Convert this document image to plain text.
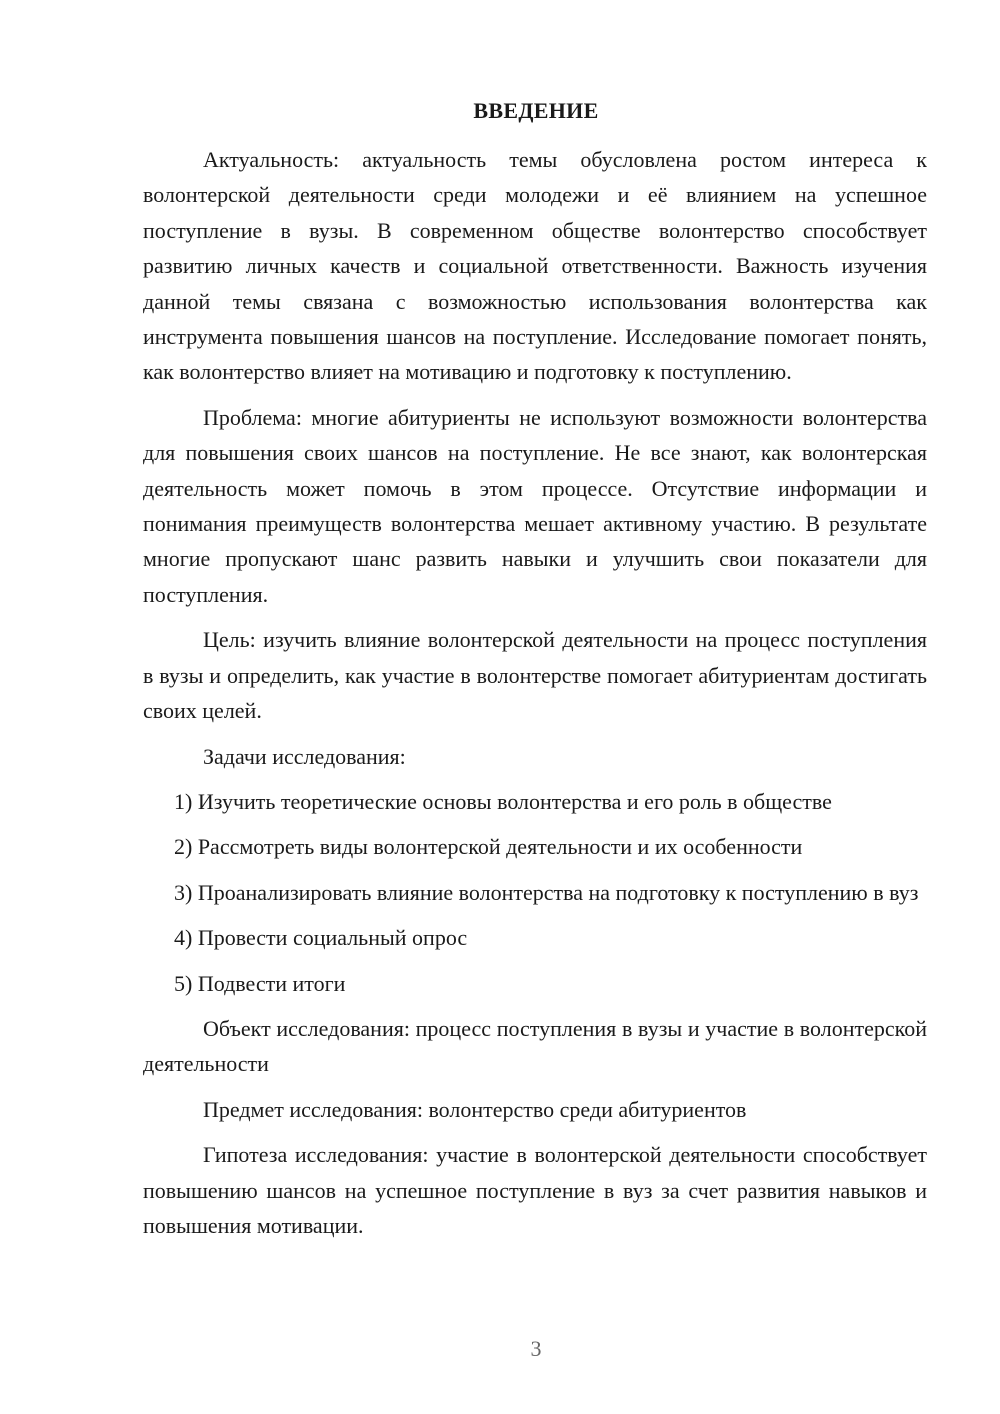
ВВЕДЕНИЕ

Актуальность: актуальность темы обусловлена ростом интереса к волонтерской деятельности среди молодежи и её влиянием на успешное поступление в вузы. В современном обществе волонтерство способствует развитию личных качеств и социальной ответственности. Важность изучения данной темы связана с возможностью использования волонтерства как инструмента повышения шансов на поступление. Исследование помогает понять, как волонтерство влияет на мотивацию и подготовку к поступлению.

Проблема: многие абитуриенты не используют возможности волонтерства для повышения своих шансов на поступление. Не все знают, как волонтерская деятельность может помочь в этом процессе. Отсутствие информации и понимания преимуществ волонтерства мешает активному участию. В результате многие пропускают шанс развить навыки и улучшить свои показатели для поступления.

Цель: изучить влияние волонтерской деятельности на процесс поступления в вузы и определить, как участие в волонтерстве помогает абитуриентам достигать своих целей.

Задачи исследования:

1) Изучить теоретические основы волонтерства и его роль в обществе

2) Рассмотреть виды волонтерской деятельности и их особенности

3) Проанализировать влияние волонтерства на подготовку к поступлению в вуз

4) Провести социальный опрос

5) Подвести итоги

Объект исследования: процесс поступления в вузы и участие в волонтерской деятельности

Предмет исследования: волонтерство среди абитуриентов

Гипотеза исследования: участие в волонтерской деятельности способствует повышению шансов на успешное поступление в вуз за счет развития навыков и повышения мотивации.

3
